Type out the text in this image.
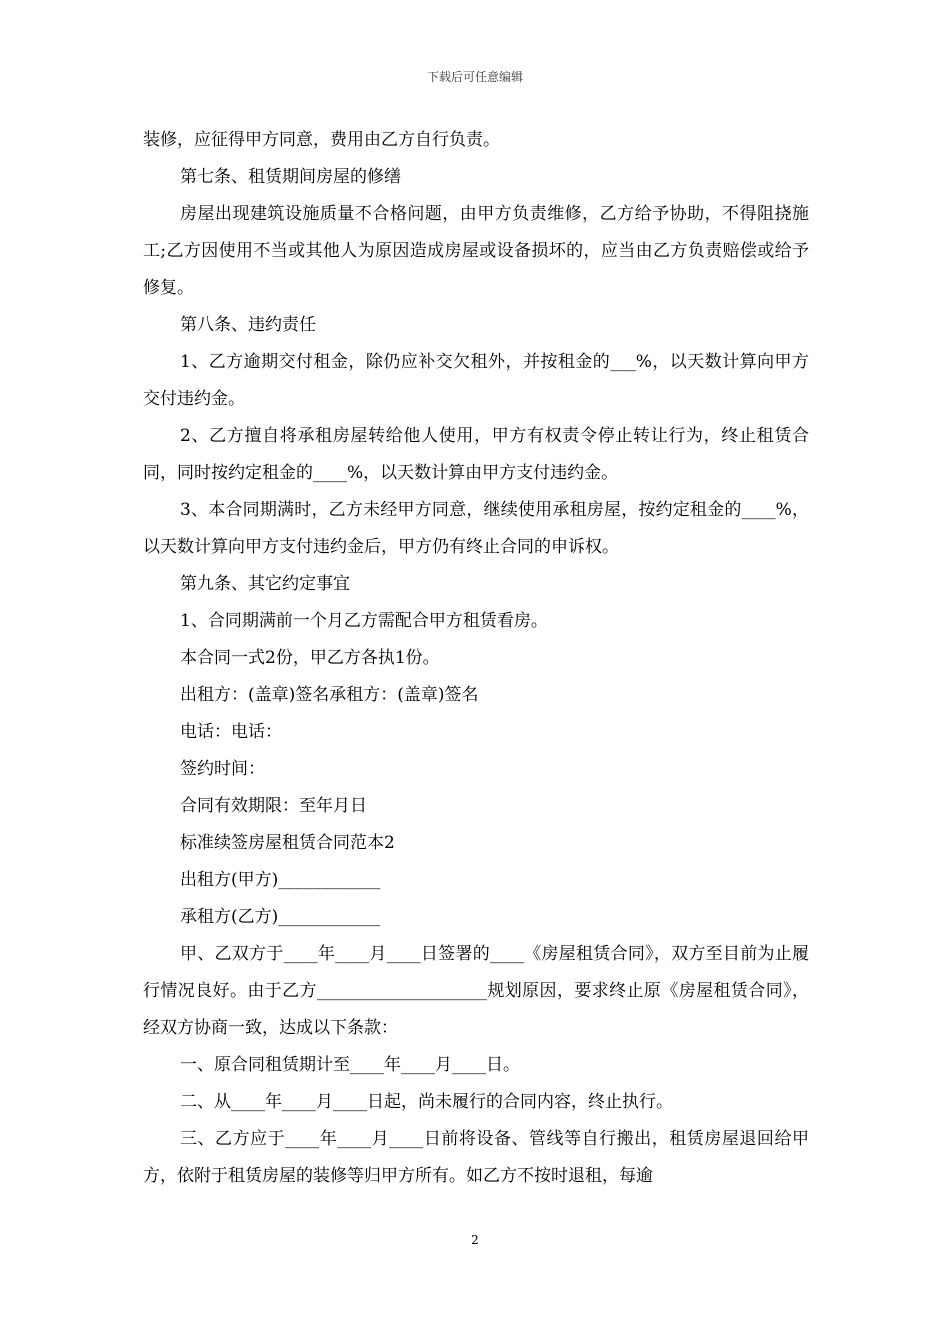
下载后可任意编辑

装修，应征得甲方同意，费用由乙方自行负责。

第七条、租赁期间房屋的修缮

房屋出现建筑设施质量不合格问题，由甲方负责维修，乙方给予协助，不得阻挠施工;乙方因使用不当或其他人为原因造成房屋或设备损坏的，应当由乙方负责赔偿或给予修复。

第八条、违约责任

1、乙方逾期交付租金，除仍应补交欠租外，并按租金的___%，以天数计算向甲方交付违约金。

2、乙方擅自将承租房屋转给他人使用，甲方有权责令停止转让行为，终止租赁合同，同时按约定租金的____%，以天数计算由甲方支付违约金。

3、本合同期满时，乙方未经甲方同意，继续使用承租房屋，按约定租金的____%，以天数计算向甲方支付违约金后，甲方仍有终止合同的申诉权。

第九条、其它约定事宜

1、合同期满前一个月乙方需配合甲方租赁看房。

本合同一式2份，甲乙方各执1份。

出租方：(盖章)签名承租方：(盖章)签名

电话：电话：

签约时间：

合同有效期限：至年月日

标准续签房屋租赁合同范本2

出租方(甲方)____________

承租方(乙方)____________

甲、乙双方于____年____月____日签署的____《房屋租赁合同》，双方至目前为止履行情况良好。由于乙方____________________规划原因，要求终止原《房屋租赁合同》，经双方协商一致，达成以下条款：

一、原合同租赁期计至____年____月____日。

二、从____年____月____日起，尚未履行的合同内容，终止执行。

三、乙方应于____年____月____日前将设备、管线等自行搬出，租赁房屋退回给甲方，依附于租赁房屋的装修等归甲方所有。如乙方不按时退租，每逾

2
